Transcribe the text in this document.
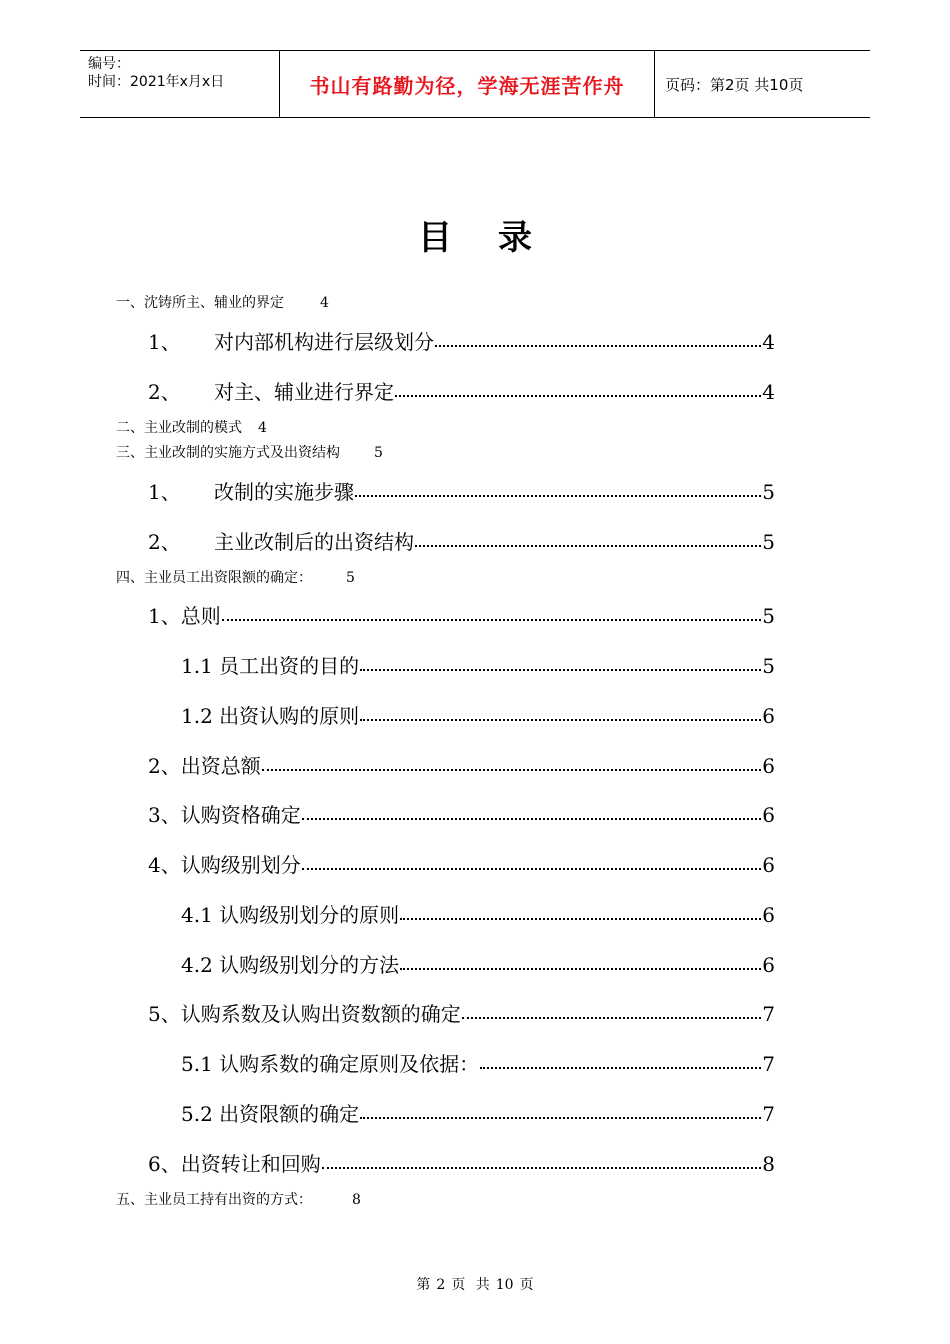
编号：
时间：2021年x月x日	书山有路勤为径，学海无涯苦作舟	页码：第2页 共10页
目录
一、沈铸所主、辅业的界定	4
1、 对内部机构进行层级划分	4
2、 对主、辅业进行界定	4
二、主业改制的模式 4
三、主业改制的实施方式及出资结构 5
1、 改制的实施步骤	5
2、 主业改制后的出资结构	5
四、主业员工出资限额的确定： 5
1、总则	5
1.1 员工出资的目的	5
1.2 出资认购的原则	6
2、出资总额	6
3、认购资格确定	6
4、认购级别划分	6
4.1 认购级别划分的原则	6
4.2 认购级别划分的方法	6
5、认购系数及认购出资数额的确定	7
5.1 认购系数的确定原则及依据：	7
5.2 出资限额的确定	7
6、出资转让和回购	8
五、主业员工持有出资的方式：	8
第 2 页 共 10 页
